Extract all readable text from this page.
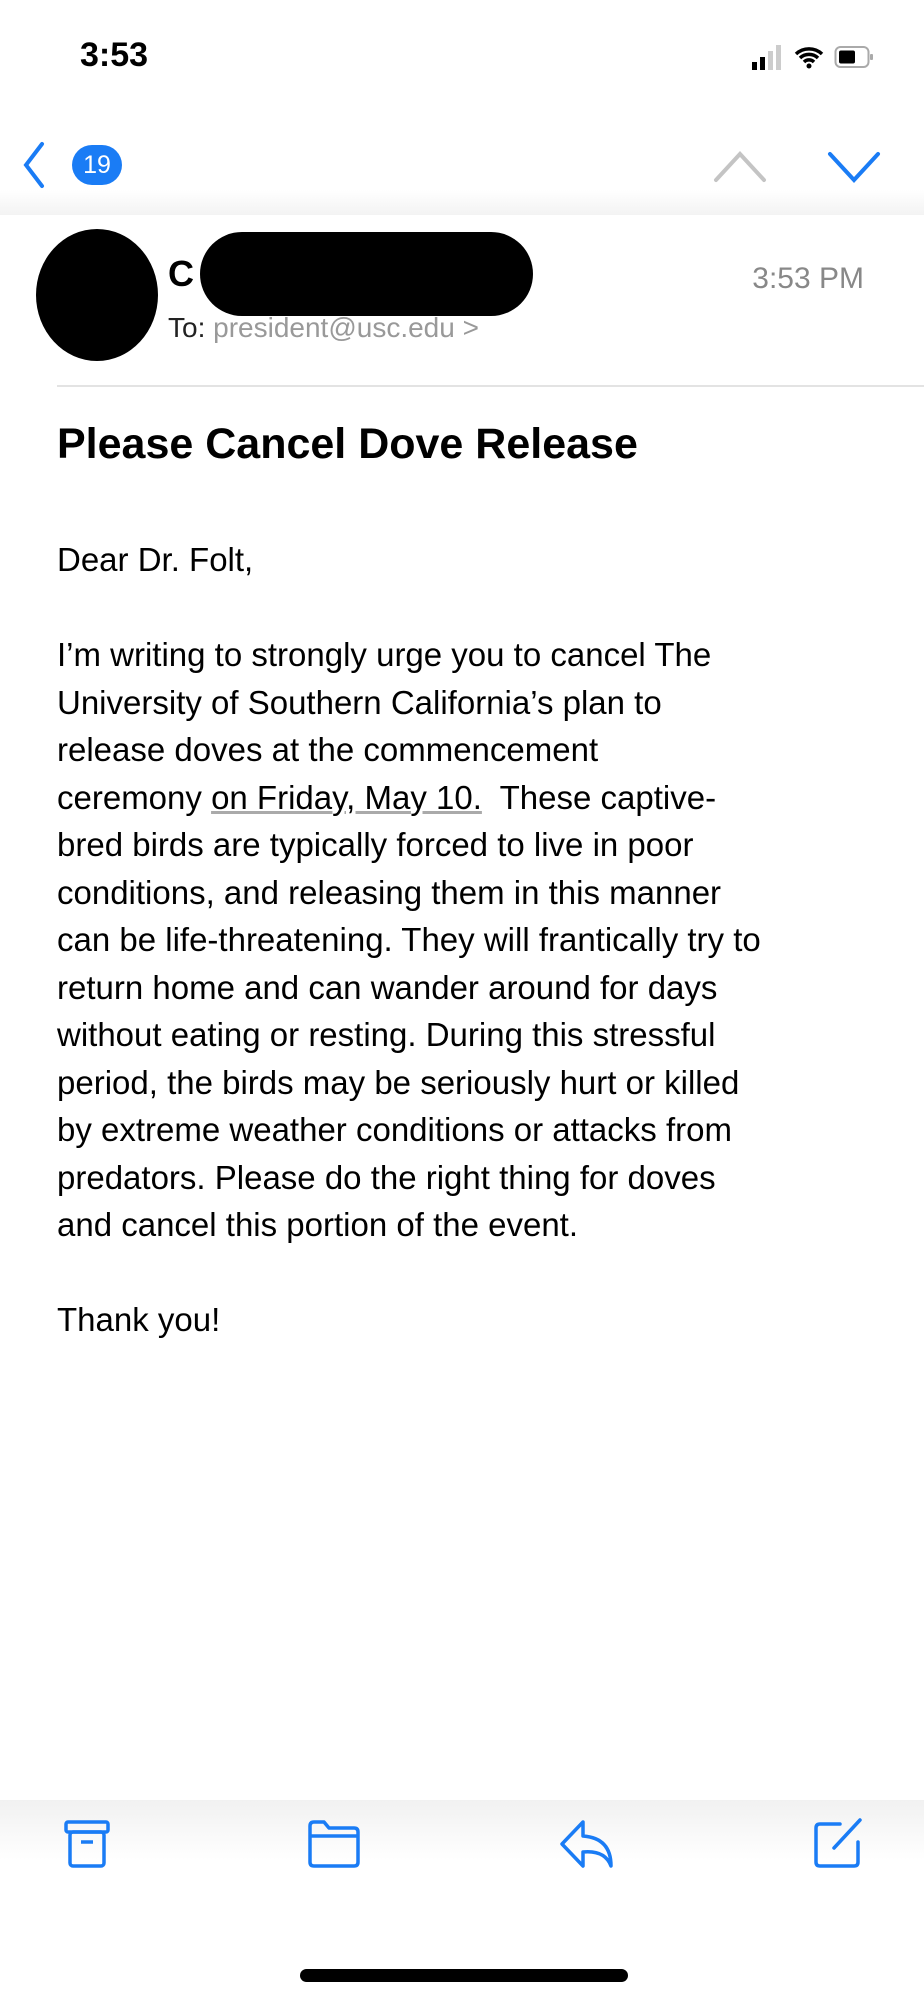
3:53
19
C
To: president@usc.edu >
3:53 PM
Please Cancel Dove Release
Dear Dr. Folt,
I’m writing to strongly urge you to cancel The
University of Southern California’s plan to
release doves at the commencement
ceremony on Friday, May 10.  These captive-
bred birds are typically forced to live in poor
conditions, and releasing them in this manner
can be life-threatening. They will frantically try to
return home and can wander around for days
without eating or resting. During this stressful
period, the birds may be seriously hurt or killed
by extreme weather conditions or attacks from
predators. Please do the right thing for doves
and cancel this portion of the event.
Thank you!
